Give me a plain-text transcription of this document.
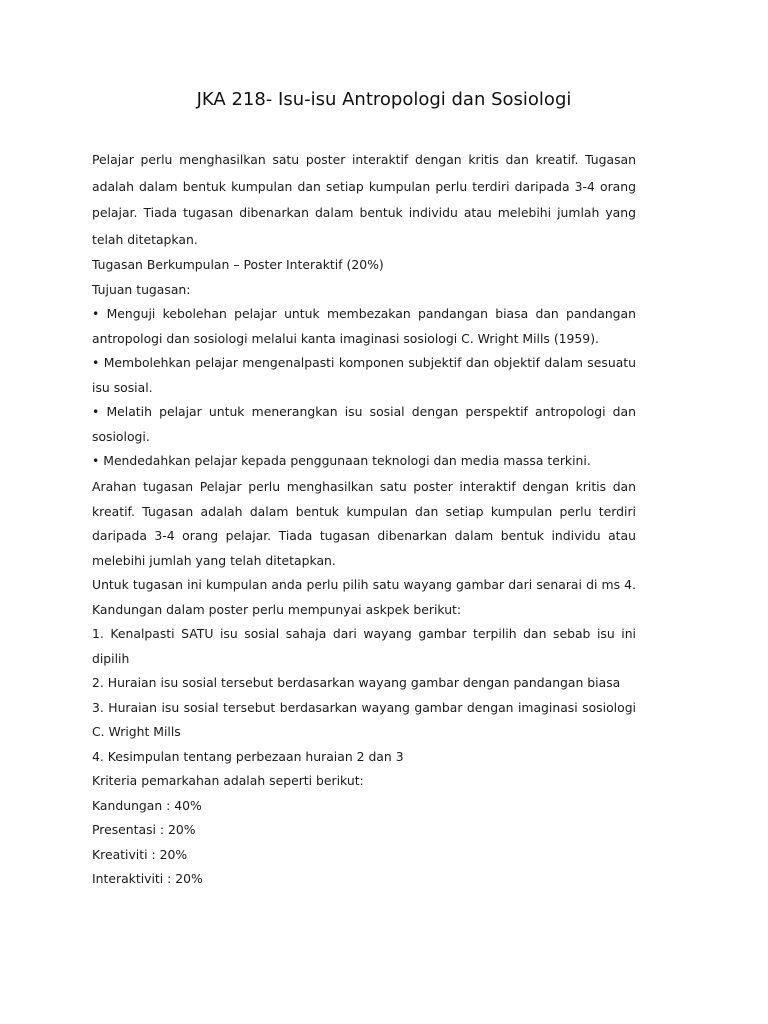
JKA 218- Isu-isu Antropologi dan Sosiologi
Pelajar perlu menghasilkan satu poster interaktif dengan kritis dan kreatif. Tugasan adalah dalam bentuk kumpulan dan setiap kumpulan perlu terdiri daripada 3-4 orang pelajar. Tiada tugasan dibenarkan dalam bentuk individu atau melebihi jumlah yang telah ditetapkan.
Tugasan Berkumpulan – Poster Interaktif (20%)
Tujuan tugasan:
• Menguji kebolehan pelajar untuk membezakan pandangan biasa dan pandangan antropologi dan sosiologi melalui kanta imaginasi sosiologi C. Wright Mills (1959).
• Membolehkan pelajar mengenalpasti komponen subjektif dan objektif dalam sesuatu isu sosial.
• Melatih pelajar untuk menerangkan isu sosial dengan perspektif antropologi dan sosiologi.
• Mendedahkan pelajar kepada penggunaan teknologi dan media massa terkini.
Arahan tugasan Pelajar perlu menghasilkan satu poster interaktif dengan kritis dan kreatif. Tugasan adalah dalam bentuk kumpulan dan setiap kumpulan perlu terdiri daripada 3-4 orang pelajar. Tiada tugasan dibenarkan dalam bentuk individu atau melebihi jumlah yang telah ditetapkan.
Untuk tugasan ini kumpulan anda perlu pilih satu wayang gambar dari senarai di ms 4. Kandungan dalam poster perlu mempunyai askpek berikut:
1. Kenalpasti SATU isu sosial sahaja dari wayang gambar terpilih dan sebab isu ini dipilih
2. Huraian isu sosial tersebut berdasarkan wayang gambar dengan pandangan biasa
3. Huraian isu sosial tersebut berdasarkan wayang gambar dengan imaginasi sosiologi C. Wright Mills
4. Kesimpulan tentang perbezaan huraian 2 dan 3
Kriteria pemarkahan adalah seperti berikut:
Kandungan : 40%
Presentasi : 20%
Kreativiti : 20%
Interaktiviti : 20%
